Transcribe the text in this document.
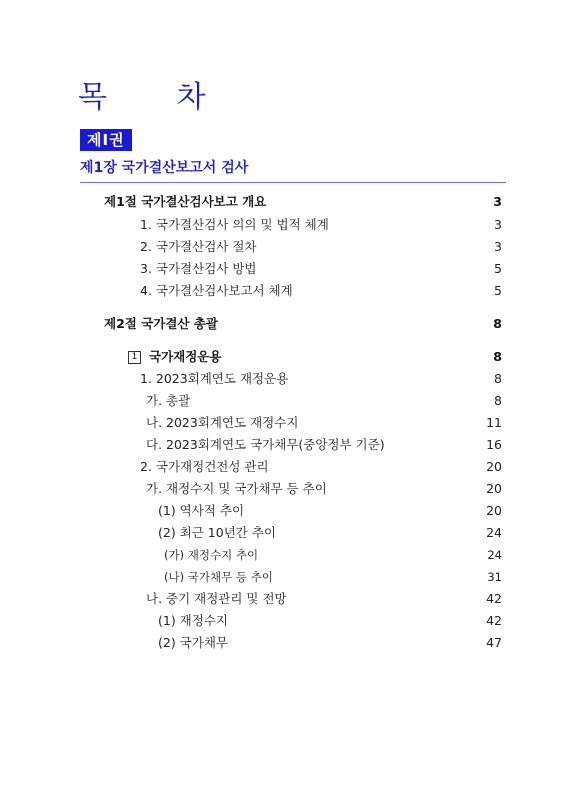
목 차
제Ⅰ권
제1장 국가결산보고서 검사
제1절 국가결산검사보고 개요	3
1. 국가결산검사 의의 및 법적 체계	3
2. 국가결산검사 절차	3
3. 국가결산검사 방법	5
4. 국가결산검사보고서 체계	5
제2절 국가결산 총괄	8
1 국가재정운용	8
1. 2023회계연도 재정운용	8
가. 총괄	8
나. 2023회계연도 재정수지	11
다. 2023회계연도 국가채무(중앙정부 기준)	16
2. 국가재정건전성 관리	20
가. 재정수지 및 국가채무 등 추이	20
(1) 역사적 추이	20
(2) 최근 10년간 추이	24
(가) 재정수지 추이	24
(나) 국가채무 등 추이	31
나. 중기 재정관리 및 전망	42
(1) 재정수지	42
(2) 국가채무	47
